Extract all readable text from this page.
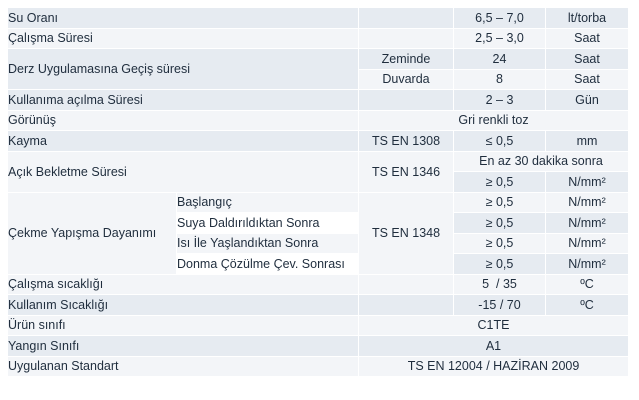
Su Oranı			6,5 – 7,0	lt/torba
Çalışma Süresi			2,5 – 3,0	Saat
Derz Uygulamasına Geçiş süresi		Zeminde	24	Saat
		Duvarda	8	Saat
Kullanıma açılma Süresi			2 – 3	Gün
Görünüş		Gri renkli toz		
Kayma		TS EN 1308	≤ 0,5	mm
Açık Bekletme Süresi		TS EN 1346	En az 30 dakika sonra	
			≥ 0,5	N/mm²
Çekme Yapışma Dayanımı	Başlangıç	TS EN 1348	≥ 0,5	N/mm²
	Suya Daldırıldıktan Sonra		≥ 0,5	N/mm²
	Isı İle Yaşlandıktan Sonra		≥ 0,5	N/mm²
	Donma Çözülme Çev. Sonrası		≥ 0,5	N/mm²
Çalışma sıcaklığı			5  / 35	ºC
Kullanım Sıcaklığı			-15 / 70	ºC
Ürün sınıfı		C1TE		
Yangın Sınıfı		A1		
Uygulanan Standart		TS EN 12004 / HAZİRAN 2009		
